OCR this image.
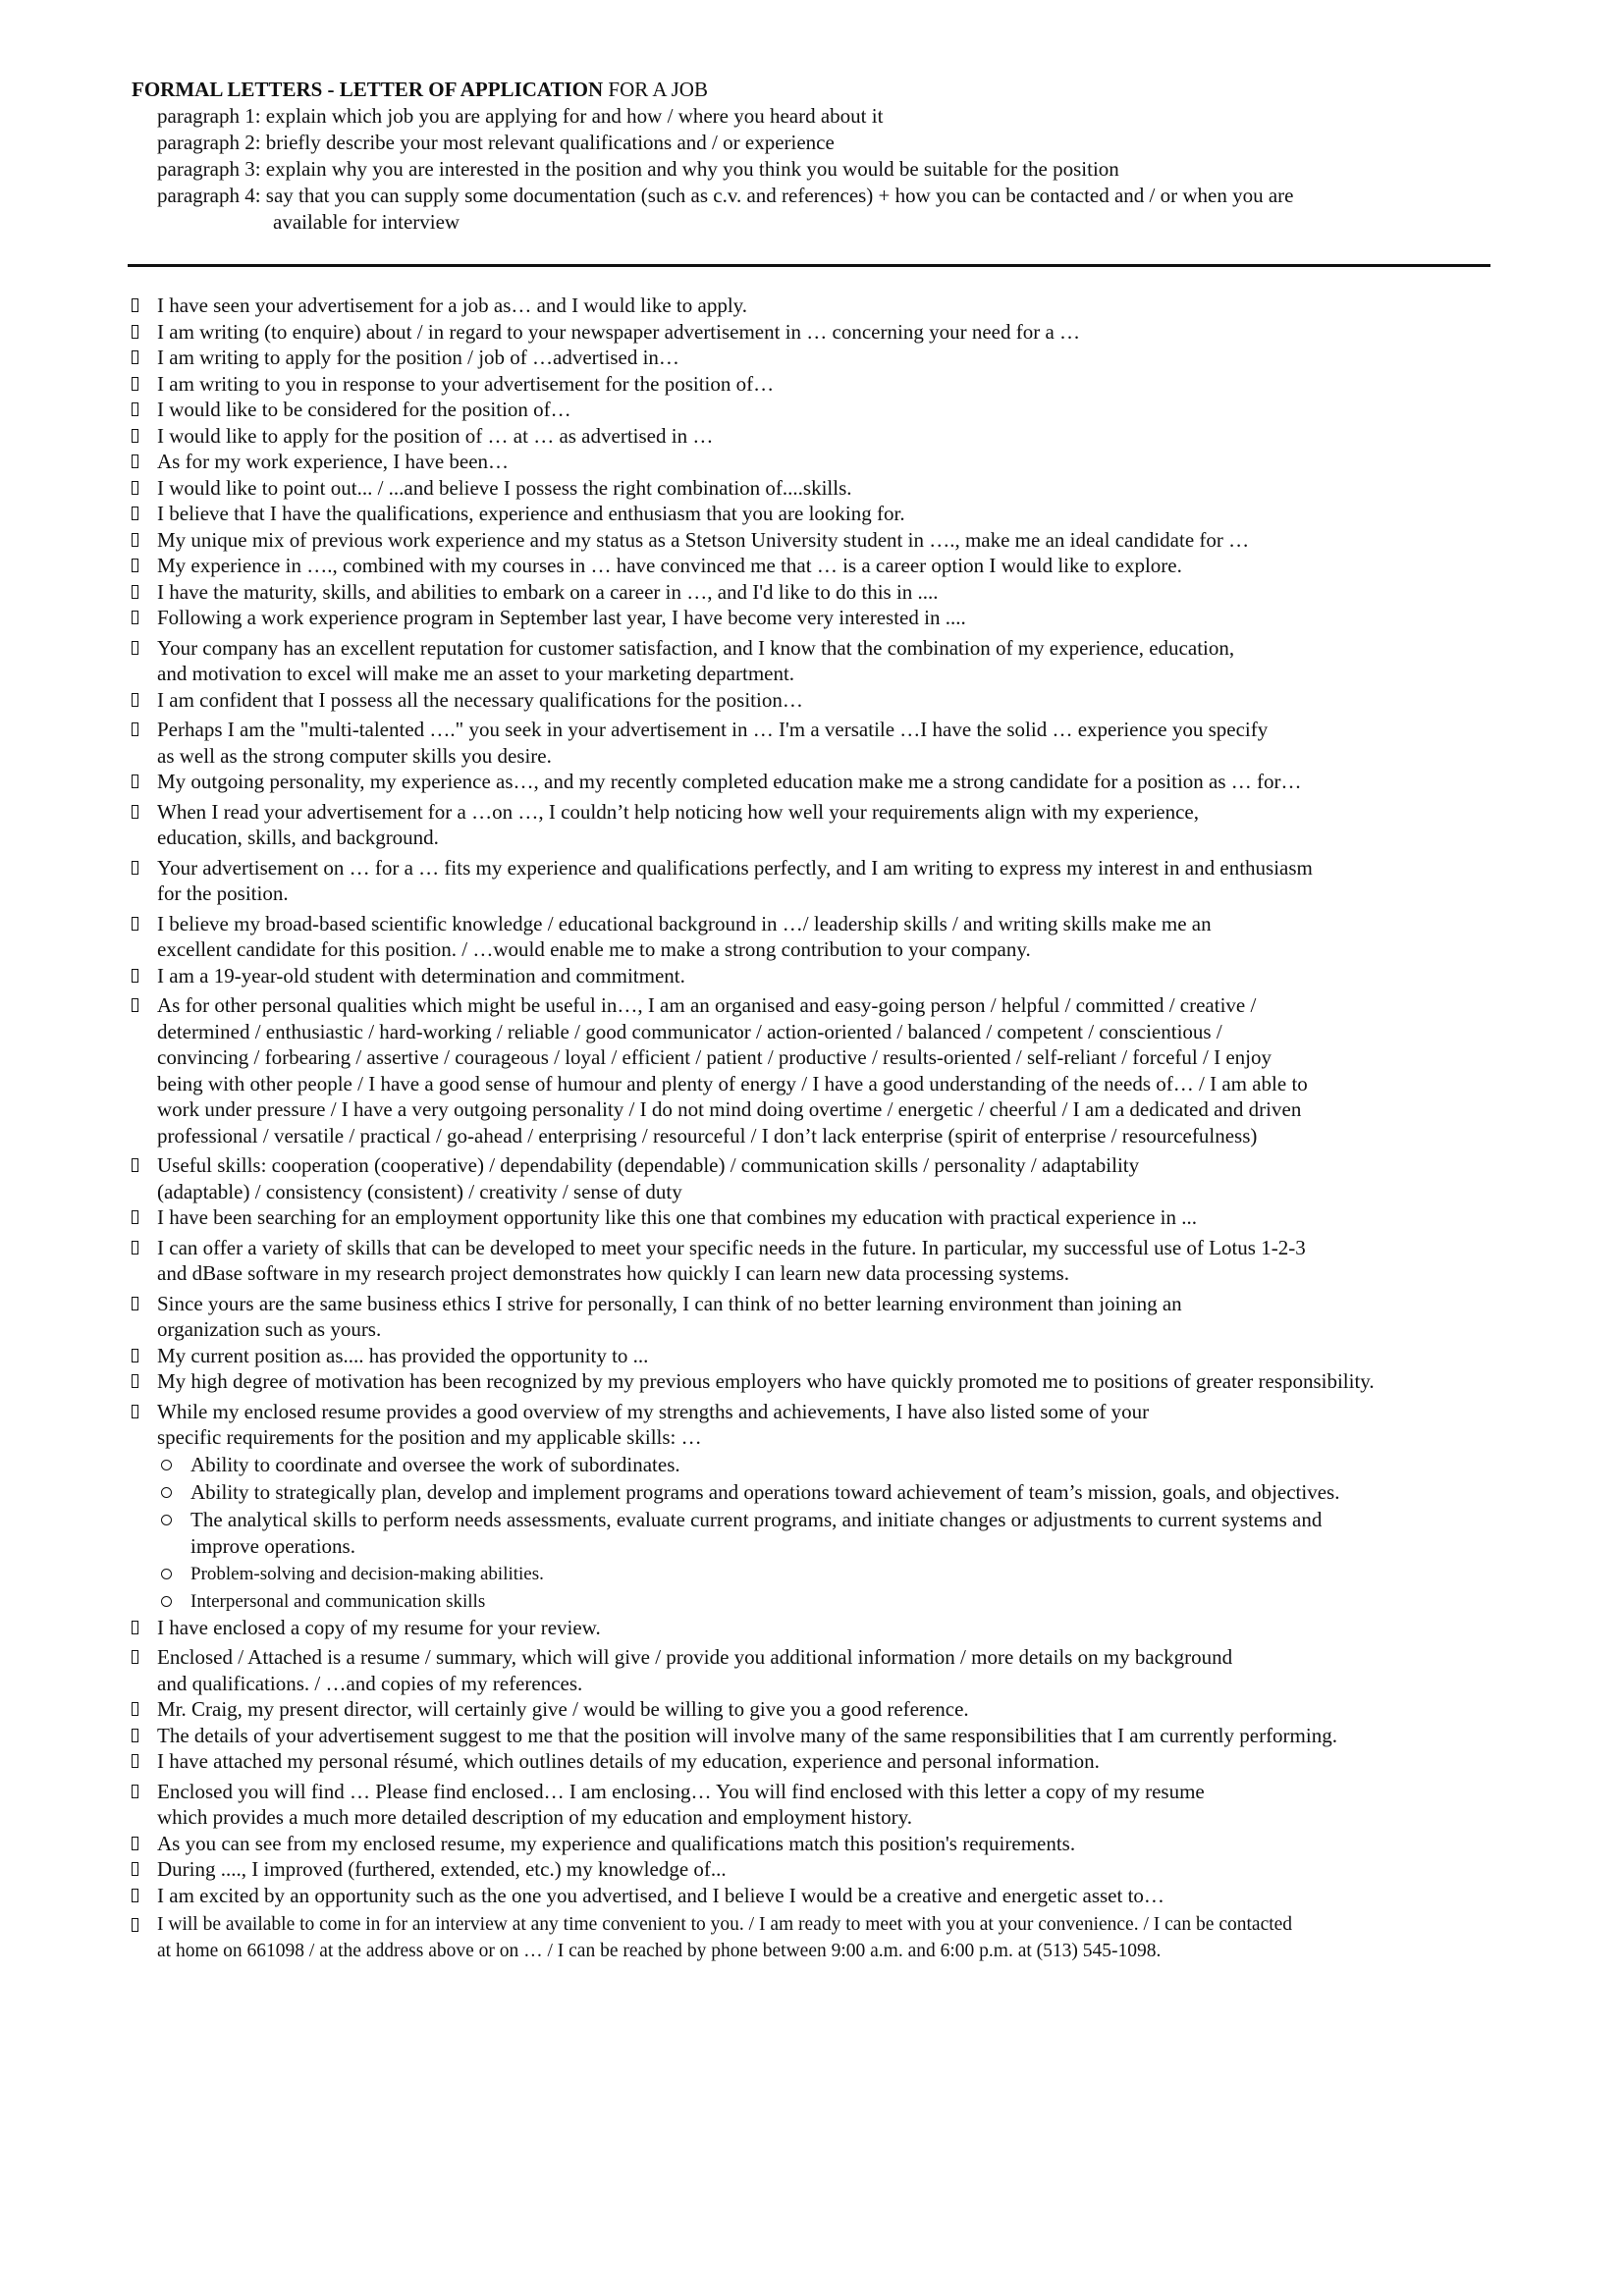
FORMAL LETTERS - LETTER OF APPLICATION FOR A JOB
paragraph 1: explain which job you are applying for and how / where you heard about it
paragraph 2: briefly describe your most relevant qualifications and / or experience
paragraph 3: explain why you are interested in the position and why you think you would be suitable for the position
paragraph 4: say that you can supply some documentation (such as c.v. and references) + how you can be contacted and / or when you are
available for interview
I have seen your advertisement for a job as… and I would like to apply.
I am writing (to enquire) about / in regard to your newspaper advertisement in … concerning your need for a …
I am writing to apply for the position / job of …advertised in…
I am writing to you in response to your advertisement for the position of…
I would like to be considered for the position of…
I would like to apply for the position of … at … as advertised in …
As for my work experience, I have been…
I would like to point out... / ...and believe I possess the right combination of....skills.
I believe that I have the qualifications, experience and enthusiasm that you are looking for.
My unique mix of previous work experience and my status as a Stetson University student in …., make me an ideal candidate for …
My experience in …., combined with my courses in … have convinced me that … is a career option I would like to explore.
I have the maturity, skills, and abilities to embark on a career in …, and I'd like to do this in ....
Following a work experience program in September last year, I have become very interested in ....
Your company has an excellent reputation for customer satisfaction, and I know that the combination of my experience, education,
and motivation to excel will make me an asset to your marketing department.
I am confident that I possess all the necessary qualifications for the position…
Perhaps I am the "multi-talented …." you seek in your advertisement in … I'm a versatile …I have the solid … experience you specify
as well as the strong computer skills you desire.
My outgoing personality, my experience as…, and my recently completed education make me a strong candidate for a position as … for…
When I read your advertisement for a …on …, I couldn’t help noticing how well your requirements align with my experience,
education, skills, and background.
Your advertisement on … for a … fits my experience and qualifications perfectly, and I am writing to express my interest in and enthusiasm
for the position.
I believe my broad-based scientific knowledge / educational background in …/ leadership skills / and writing skills make me an
excellent candidate for this position. / …would enable me to make a strong contribution to your company.
I am a 19-year-old student with determination and commitment.
As for other personal qualities which might be useful in…, I am an organised and easy-going person / helpful / committed / creative /
determined / enthusiastic / hard-working / reliable / good communicator / action-oriented / balanced / competent / conscientious /
convincing / forbearing / assertive / courageous / loyal / efficient / patient / productive / results-oriented / self-reliant / forceful / I enjoy
being with other people / I have a good sense of humour and plenty of energy / I have a good understanding of the needs of… / I am able to
work under pressure / I have a very outgoing personality / I do not mind doing overtime / energetic / cheerful / I am a dedicated and driven
professional / versatile / practical / go-ahead / enterprising / resourceful / I don’t lack enterprise (spirit of enterprise / resourcefulness)
Useful skills: cooperation (cooperative) / dependability (dependable) / communication skills / personality / adaptability
(adaptable) / consistency (consistent) / creativity / sense of duty
I have been searching for an employment opportunity like this one that combines my education with practical experience in ...
I can offer a variety of skills that can be developed to meet your specific needs in the future. In particular, my successful use of Lotus 1-2-3
and dBase software in my research project demonstrates how quickly I can learn new data processing systems.
Since yours are the same business ethics I strive for personally, I can think of no better learning environment than joining an
organization such as yours.
My current position as.... has provided the opportunity to ...
My high degree of motivation has been recognized by my previous employers who have quickly promoted me to positions of greater responsibility.
While my enclosed resume provides a good overview of my strengths and achievements, I have also listed some of your
specific requirements for the position and my applicable skills: …
Ability to coordinate and oversee the work of subordinates.
Ability to strategically plan, develop and implement programs and operations toward achievement of team’s mission, goals, and objectives.
The analytical skills to perform needs assessments, evaluate current programs, and initiate changes or adjustments to current systems and
improve operations.
Problem-solving and decision-making abilities.
Interpersonal and communication skills
I have enclosed a copy of my resume for your review.
Enclosed / Attached is a resume / summary, which will give / provide you additional information / more details on my background
and qualifications. / …and copies of my references.
Mr. Craig, my present director, will certainly give / would be willing to give you a good reference.
The details of your advertisement suggest to me that the position will involve many of the same responsibilities that I am currently performing.
I have attached my personal résumé, which outlines details of my education, experience and personal information.
Enclosed you will find … Please find enclosed… I am enclosing… You will find enclosed with this letter a copy of my resume
which provides a much more detailed description of my education and employment history.
As you can see from my enclosed resume, my experience and qualifications match this position's requirements.
During ...., I improved (furthered, extended, etc.) my knowledge of...
I am excited by an opportunity such as the one you advertised, and I believe I would be a creative and energetic asset to…
I will be available to come in for an interview at any time convenient to you. / I am ready to meet with you at your convenience. / I can be contacted
at home on 661098 / at the address above or on … / I can be reached by phone between 9:00 a.m. and 6:00 p.m. at (513) 545-1098.
